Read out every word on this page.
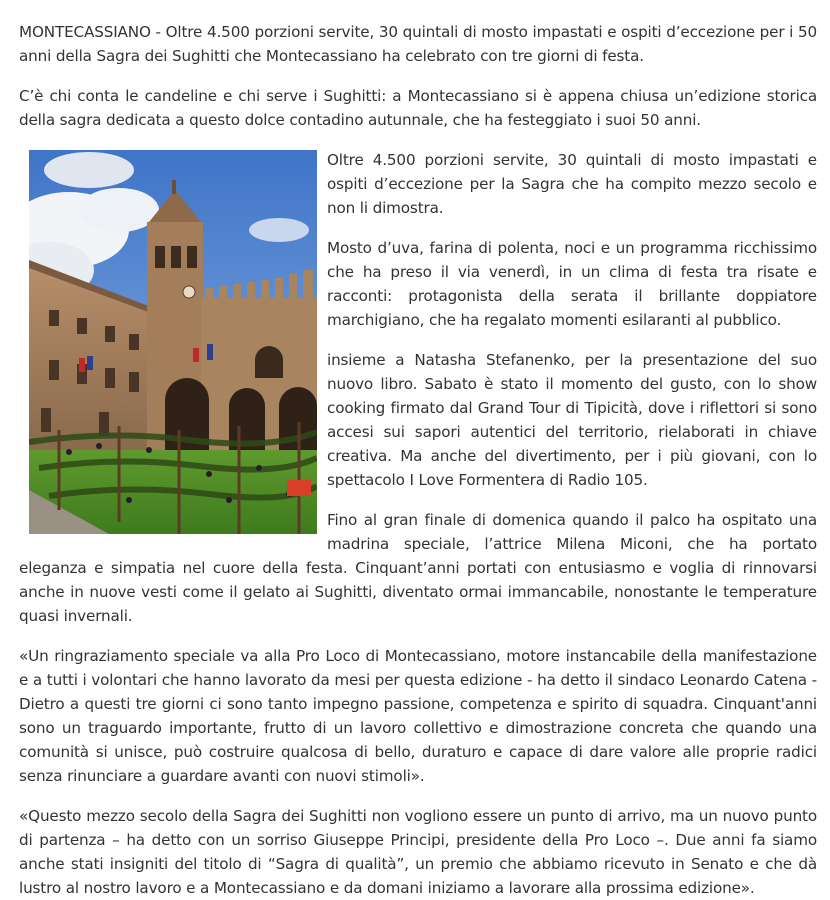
MONTECASSIANO - Oltre 4.500 porzioni servite, 30 quintali di mosto impastati e ospiti d’eccezione per i 50 anni della Sagra dei Sughitti che Montecassiano ha celebrato con tre giorni di festa.

C’è chi conta le candeline e chi serve i Sughitti: a Montecassiano si è appena chiusa un’edizione storica della sagra dedicata a questo dolce contadino autunnale, che ha festeggiato i suoi 50 anni.

Oltre 4.500 porzioni servite, 30 quintali di mosto impastati e ospiti d’eccezione per la Sagra che ha compito mezzo secolo e non li dimostra.

Mosto d’uva, farina di polenta, noci e un programma ricchissimo che ha preso il via venerdì, in un clima di festa tra risate e racconti: protagonista della serata il brillante doppiatore marchigiano, che ha regalato momenti esilaranti al pubblico.

insieme a Natasha Stefanenko, per la presentazione del suo nuovo libro. Sabato è stato il momento del gusto, con lo show cooking firmato dal Grand Tour di Tipicità, dove i riflettori si sono accesi sui sapori autentici del territorio, rielaborati in chiave creativa. Ma anche del divertimento, per i più giovani, con lo spettacolo I Love Formentera di Radio 105.

Fino al gran finale di domenica quando il palco ha ospitato una madrina speciale, l’attrice Milena Miconi, che ha portato eleganza e simpatia nel cuore della festa. Cinquant’anni portati con entusiasmo e voglia di rinnovarsi anche in nuove vesti come il gelato ai Sughitti, diventato ormai immancabile, nonostante le temperature quasi invernali.

«Un ringraziamento speciale va alla Pro Loco di Montecassiano, motore instancabile della manifestazione e a tutti i volontari che hanno lavorato da mesi per questa edizione - ha detto il sindaco Leonardo Catena - Dietro a questi tre giorni ci sono tanto impegno passione, competenza e spirito di squadra. Cinquant'anni sono un traguardo importante, frutto di un lavoro collettivo e dimostrazione concreta che quando una comunità si unisce, può costruire qualcosa di bello, duraturo e capace di dare valore alle proprie radici senza rinunciare a guardare avanti con nuovi stimoli».

«Questo mezzo secolo della Sagra dei Sughitti non vogliono essere un punto di arrivo, ma un nuovo punto di partenza – ha detto con un sorriso Giuseppe Principi, presidente della Pro Loco –. Due anni fa siamo anche stati insigniti del titolo di “Sagra di qualità”, un premio che abbiamo ricevuto in Senato e che dà lustro al nostro lavoro e a Montecassiano e da domani iniziamo a lavorare alla prossima edizione».
